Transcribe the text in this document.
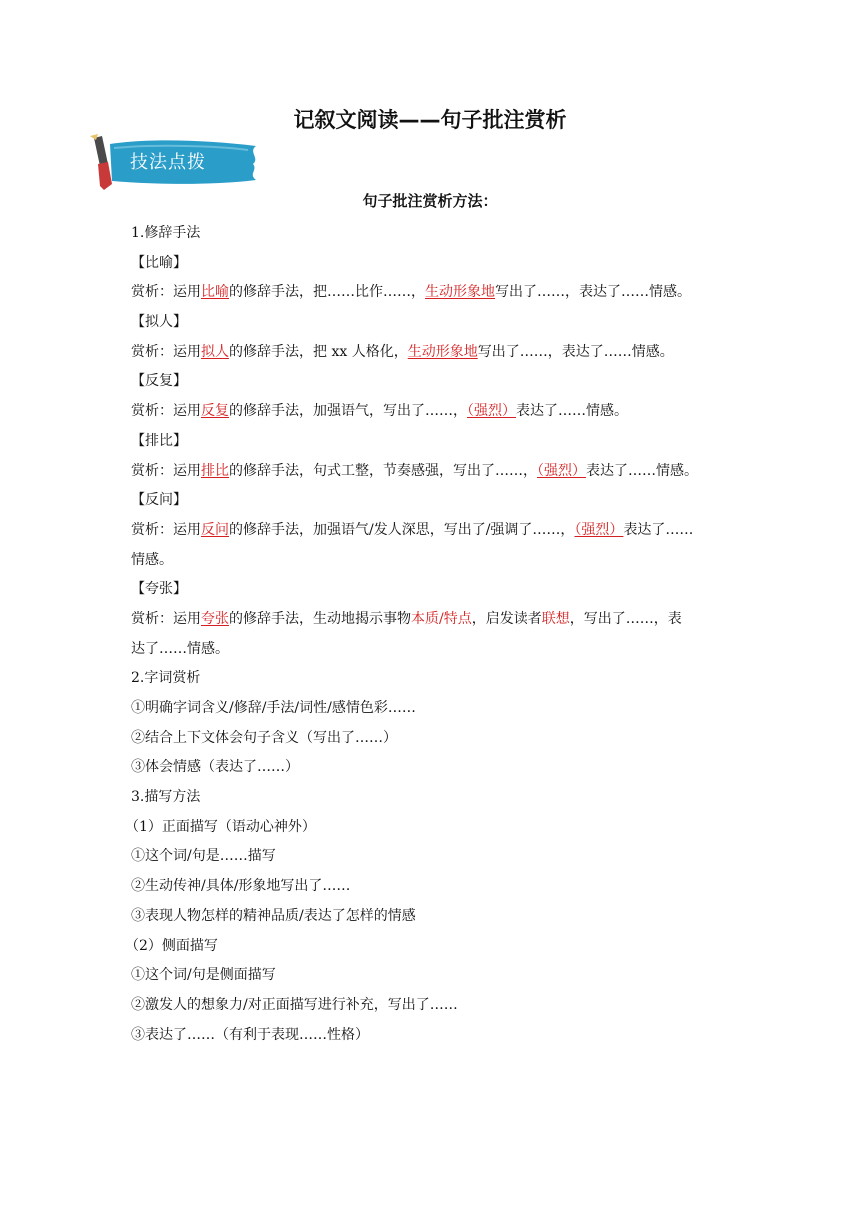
记叙文阅读——句子批注赏析
技法点拨
句子批注赏析方法：
1.修辞手法
【比喻】
赏析：运用比喻的修辞手法，把……比作……，生动形象地写出了……，表达了……情感。
【拟人】
赏析：运用拟人的修辞手法，把 xx 人格化，生动形象地写出了……，表达了……情感。
【反复】
赏析：运用反复的修辞手法，加强语气，写出了……，（强烈）表达了……情感。
【排比】
赏析：运用排比的修辞手法，句式工整，节奏感强，写出了……，（强烈）表达了……情感。
【反问】
赏析：运用反问的修辞手法，加强语气/发人深思，写出了/强调了……，（强烈）表达了……
情感。
【夸张】
赏析：运用夸张的修辞手法，生动地揭示事物本质/特点，启发读者联想，写出了……，表
达了……情感。
2.字词赏析
①明确字词含义/修辞/手法/词性/感情色彩……
②结合上下文体会句子含义（写出了……）
③体会情感（表达了……）
3.描写方法
（1）正面描写（语动心神外）
①这个词/句是……描写
②生动传神/具体/形象地写出了……
③表现人物怎样的精神品质/表达了怎样的情感
（2）侧面描写
①这个词/句是侧面描写
②激发人的想象力/对正面描写进行补充，写出了……
③表达了……（有利于表现……性格）
